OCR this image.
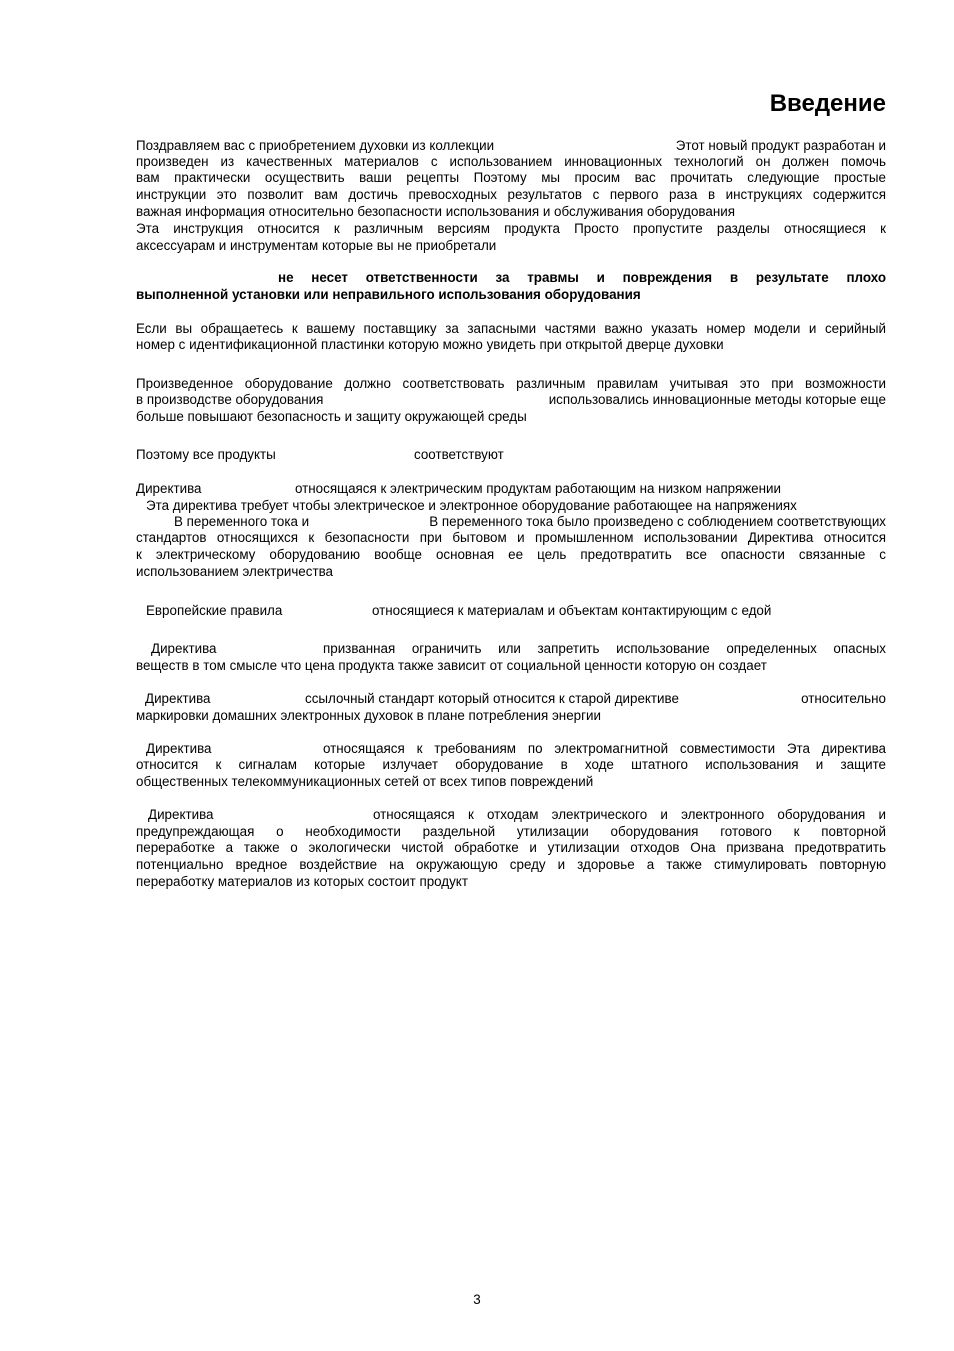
Введение
Поздравляем вас с приобретением духовки из коллекции	Этот новый продукт разработан и
произведен из качественных материалов с использованием инновационных технологий он должен помочь
вам практически осуществить ваши рецепты Поэтому мы просим вас прочитать следующие простые
инструкции это позволит вам достичь превосходных результатов с первого раза в инструкциях содержится
важная информация относительно безопасности использования и обслуживания оборудования
Эта инструкция относится к различным версиям продукта Просто пропустите разделы относящиеся к
аксессуарам и инструментам которые вы не приобретали
не несет ответственности за травмы и повреждения в результате плохо
выполненной установки или неправильного использования оборудования
Если вы обращаетесь к вашему поставщику за запасными частями важно указать номер модели и серийный
номер с идентификационной пластинки которую можно увидеть при открытой дверце духовки
Произведенное оборудование должно соответствовать различным правилам учитывая это при возможности
в производстве оборудования	использовались инновационные методы которые еще
больше повышают безопасность и защиту окружающей среды
Поэтому все продукты	соответствуют
Директива	относящаяся к электрическим продуктам работающим на низком напряжении
Эта директива требует чтобы электрическое и электронное оборудование работающее на напряжениях
В переменного тока и	В переменного тока было произведено с соблюдением соответствующих
стандартов относящихся к безопасности при бытовом и промышленном использовании Директива относится
к электрическому оборудованию вообще основная ее цель предотвратить все опасности связанные с
использованием электричества
Европейские правила	относящиеся к материалам и объектам контактирующим с едой
Директива	призванная ограничить или запретить использование определенных опасных
веществ в том смысле что цена продукта также зависит от социальной ценности которую он создает
Директива	ссылочный стандарт который относится к старой директиве	относительно
маркировки домашних электронных духовок в плане потребления энергии
Директива	относящаяся к требованиям по электромагнитной совместимости Эта директива
относится к сигналам которые излучает оборудование в ходе штатного использования и защите
общественных телекоммуникационных сетей от всех типов повреждений
Директива	относящаяся к отходам электрического и электронного оборудования и
предупреждающая о необходимости раздельной утилизации оборудования готового к повторной
переработке а также о экологически чистой обработке и утилизации отходов Она призвана предотвратить
потенциально вредное воздействие на окружающую среду и здоровье а также стимулировать повторную
переработку материалов из которых состоит продукт
3
